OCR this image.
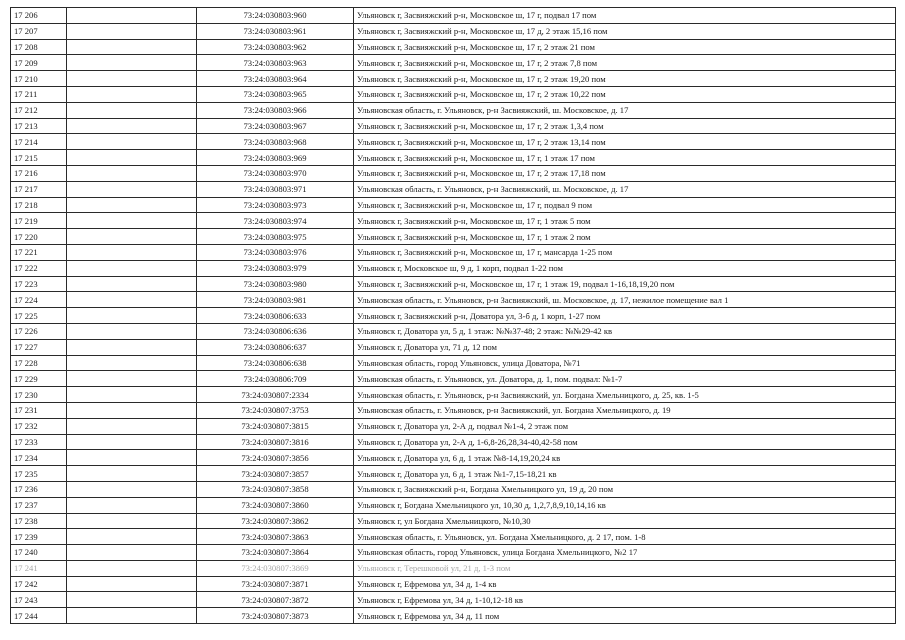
17 206		73:24:030803:960	Ульяновск г, Засвияжский р-н, Московское ш, 17 г, подвал 17 пом
17 207		73:24:030803:961	Ульяновск г, Засвияжский р-н, Московское ш, 17 д, 2 этаж 15,16 пом
17 208		73:24:030803:962	Ульяновск г, Засвияжский р-н, Московское ш, 17 г, 2 этаж 21 пом
17 209		73:24:030803:963	Ульяновск г, Засвияжский р-н, Московское ш, 17 г, 2 этаж 7,8 пом
17 210		73:24:030803:964	Ульяновск г, Засвияжский р-н, Московское ш, 17 г, 2 этаж 19,20 пом
17 211		73:24:030803:965	Ульяновск г, Засвияжский р-н, Московское ш, 17 г, 2 этаж 10,22 пом
17 212		73:24:030803:966	Ульяновская область, г. Ульяновск, р-н Засвияжский, ш. Московское, д. 17
17 213		73:24:030803:967	Ульяновск г, Засвияжский р-н, Московское ш, 17 г, 2 этаж 1,3,4 пом
17 214		73:24:030803:968	Ульяновск г, Засвияжский р-н, Московское ш, 17 г, 2 этаж 13,14 пом
17 215		73:24:030803:969	Ульяновск г, Засвияжский р-н, Московское ш, 17 г, 1 этаж 17 пом
17 216		73:24:030803:970	Ульяновск г, Засвияжский р-н, Московское ш, 17 г, 2 этаж 17,18 пом
17 217		73:24:030803:971	Ульяновская область, г. Ульяновск, р-н Засвияжский, ш. Московское, д. 17
17 218		73:24:030803:973	Ульяновск г, Засвияжский р-н, Московское ш, 17 г, подвал 9 пом
17 219		73:24:030803:974	Ульяновск г, Засвияжский р-н, Московское ш, 17 г, 1 этаж 5 пом
17 220		73:24:030803:975	Ульяновск г, Засвияжский р-н, Московское ш, 17 г, 1 этаж 2 пом
17 221		73:24:030803:976	Ульяновск г, Засвияжский р-н, Московское ш, 17 г, мансарда 1-25 пом
17 222		73:24:030803:979	Ульяновск г, Московское ш, 9 д, 1 корп, подвал 1-22 пом
17 223		73:24:030803:980	Ульяновск г, Засвияжский р-н, Московское ш, 17 г, 1 этаж 19, подвал 1-16,18,19,20 пом
17 224		73:24:030803:981	Ульяновская область, г. Ульяновск, р-н Засвияжский, ш. Московское, д. 17, нежилое помещение вал 1
17 225		73:24:030806:633	Ульяновск г, Засвияжский р-н, Доватора ул, 3-б д, 1 корп, 1-27 пом
17 226		73:24:030806:636	Ульяновск г, Доватора ул, 5 д, 1 этаж: №№37-48; 2 этаж: №№29-42 кв
17 227		73:24:030806:637	Ульяновск г, Доватора ул, 71 д, 12 пом
17 228		73:24:030806:638	Ульяновская область, город Ульяновск, улица Доватора, №71
17 229		73:24:030806:709	Ульяновская область, г. Ульяновск, ул. Доватора, д. 1, пом. подвал: №1-7
17 230		73:24:030807:2334	Ульяновская область, г. Ульяновск, р-н Засвияжский, ул. Богдана Хмельницкого, д. 25, кв. 1-5
17 231		73:24:030807:3753	Ульяновская область, г. Ульяновск, р-н Засвияжский, ул. Богдана Хмельницкого, д. 19
17 232		73:24:030807:3815	Ульяновск г, Доватора ул, 2-А д, подвал №1-4, 2 этаж пом
17 233		73:24:030807:3816	Ульяновск г, Доватора ул, 2-А д, 1-6,8-26,28,34-40,42-58 пом
17 234		73:24:030807:3856	Ульяновск г, Доватора ул, 6 д, 1 этаж №8-14,19,20,24 кв
17 235		73:24:030807:3857	Ульяновск г, Доватора ул, 6 д, 1 этаж №1-7,15-18,21 кв
17 236		73:24:030807:3858	Ульяновск г, Засвияжский р-н, Богдана Хмельницкого ул, 19 д, 20 пом
17 237		73:24:030807:3860	Ульяновск г, Богдана Хмельницкого ул, 10,30 д, 1,2,7,8,9,10,14,16 кв
17 238		73:24:030807:3862	Ульяновск г, ул Богдана Хмельницкого, №10,30
17 239		73:24:030807:3863	Ульяновская область, г. Ульяновск, ул. Богдана Хмельницкого, д. 2 17, пом. 1-8
17 240		73:24:030807:3864	Ульяновская область, город Ульяновск, улица Богдана Хмельницкого, №2 17
17 241		73:24:030807:3869	Ульяновск г, Терешковой ул, 21 д, 1-3 пом
17 242		73:24:030807:3871	Ульяновск г, Ефремова ул, 34 д, 1-4 кв
17 243		73:24:030807:3872	Ульяновск г, Ефремова ул, 34 д, 1-10,12-18 кв
17 244		73:24:030807:3873	Ульяновск г, Ефремова ул, 34 д, 11 пом
